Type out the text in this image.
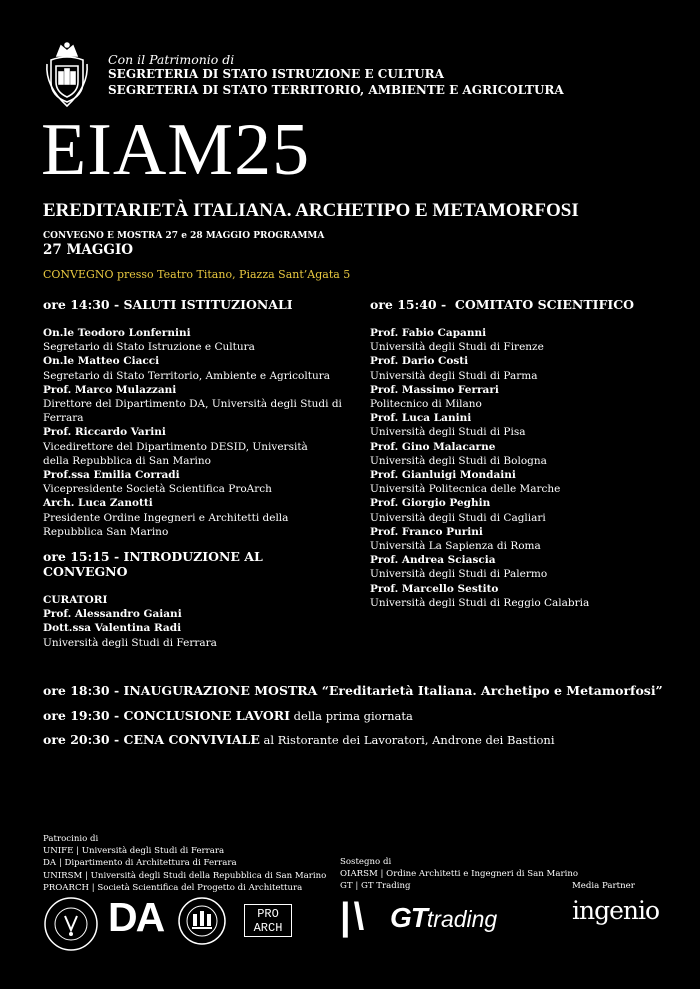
Con il Patrimonio di
SEGRETERIA DI STATO ISTRUZIONE E CULTURA
SEGRETERIA DI STATO TERRITORIO, AMBIENTE E AGRICOLTURA
EIAM25
EREDITARIETÀ ITALIANA. ARCHETIPO E METAMORFOSI
CONVEGNO E MOSTRA 27 e 28 MAGGIO PROGRAMMA
27 MAGGIO
CONVEGNO presso Teatro Titano, Piazza Sant’Agata 5
ore 14:30 - SALUTI ISTITUZIONALI
On.le Teodoro Lonfernini
Segretario di Stato Istruzione e Cultura
On.le Matteo Ciacci
Segretario di Stato Territorio, Ambiente e Agricoltura
Prof. Marco Mulazzani
Direttore del Dipartimento DA, Università degli Studi di Ferrara
Prof. Riccardo Varini
Vicedirettore del Dipartimento DESID, Università della Repubblica di San Marino
Prof.ssa Emilia Corradi
Vicepresidente Società Scientifica ProArch
Arch. Luca Zanotti
Presidente Ordine Ingegneri e Architetti della Repubblica San Marino
ore 15:15 - INTRODUZIONE AL CONVEGNO
CURATORI
Prof. Alessandro Gaiani
Dott.ssa Valentina Radi
Università degli Studi di Ferrara
ore 15:40 -  COMITATO SCIENTIFICO
Prof. Fabio Capanni
Università degli Studi di Firenze
Prof. Dario Costi
Università degli Studi di Parma
Prof. Massimo Ferrari
Politecnico di Milano
Prof. Luca Lanini
Università degli Studi di Pisa
Prof. Gino Malacarne
Università degli Studi di Bologna
Prof. Gianluigi Mondaini
Università Politecnica delle Marche
Prof. Giorgio Peghin
Università degli Studi di Cagliari
Prof. Franco Purini
Università La Sapienza di Roma
Prof. Andrea Sciascia
Università degli Studi di Palermo
Prof. Marcello Sestito
Università degli Studi di Reggio Calabria
ore 18:30 - INAUGURAZIONE MOSTRA “Ereditarietà Italiana. Archetipo e Metamorfosi”
ore 19:30 - CONCLUSIONE LAVORI della prima giornata
ore 20:30 - CENA CONVIVIALE al Ristorante dei Lavoratori, Androne dei Bastioni
Patrocinio di
UNIFE | Università degli Studi di Ferrara
DA | Dipartimento di Architettura di Ferrara
UNIRSM | Università degli Studi della Repubblica di San Marino
PROARCH | Società Scientifica del Progetto di Architettura
Sostegno di
OIARSM | Ordine Architetti e Ingegneri di San Marino
GT | GT Trading	Media Partner
DA	PRO
ARCH |\ GTtrading	ingenio
